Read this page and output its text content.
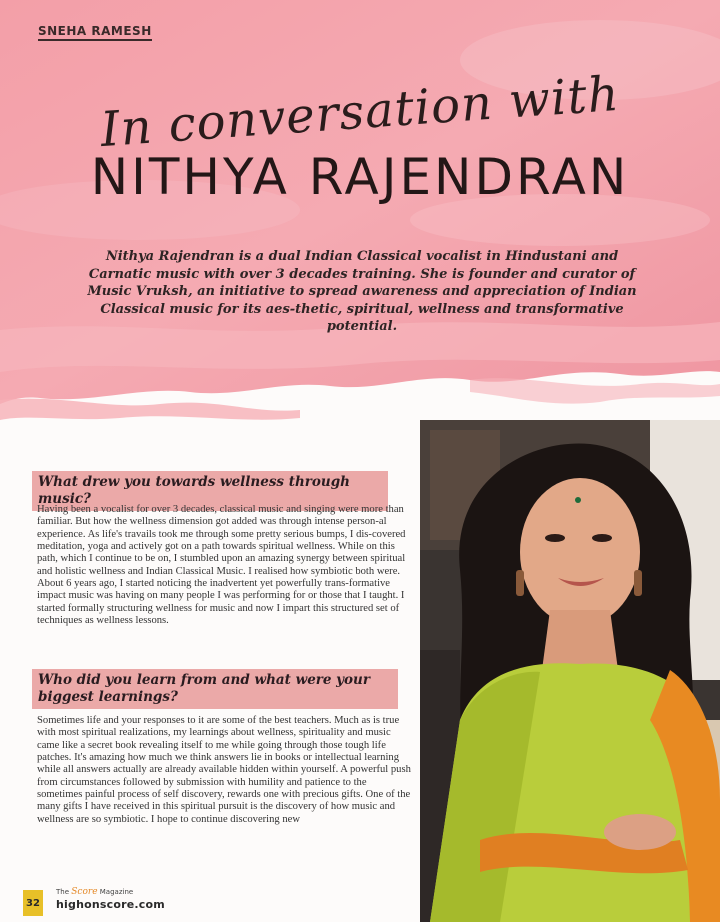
SNEHA RAMESH
In conversation with
NITHYA RAJENDRAN
Nithya Rajendran is a dual Indian Classical vocalist in Hindustani and Carnatic music with over 3 decades training. She is founder and curator of Music Vruksh, an initiative to spread awareness and appreciation of Indian Classical music for its aes-thetic, spiritual, wellness and transformative potential.
What drew you towards wellness through music?

Having been a vocalist for over 3 decades, classical music and singing were more than familiar. But how the wellness dimension got added was through intense person-al experience. As life's travails took me through some pretty serious bumps, I dis-covered meditation, yoga and actively got on a path towards spiritual wellness. While on this path, which I continue to be on, I stumbled upon an amazing synergy between spiritual and holistic wellness and Indian Classical Music. I realised how symbiotic both were. About 6 years ago, I started noticing the inadvertent yet powerfully trans-formative impact music was having on many people I was performing for or those that I taught. I started formally structuring wellness for music and now I impart this structured set of techniques as wellness lessons.

Who did you learn from and what were your biggest learnings?

Sometimes life and your responses to it are some of the best teachers. Much as is true with most spiritual realizations, my learnings about wellness, spirituality and music came like a secret book revealing itself to me while going through those tough life patches. It's amazing how much we think answers lie in books or intellectual learning while all answers actually are already available hidden within yourself. A powerful push from circumstances followed by submission with humility and patience to the sometimes painful process of self discovery, rewards one with precious gifts. One of the many gifts I have received in this spiritual pursuit is the discovery of how music and wellness are so symbiotic. I hope to continue discovering new

32
The Score Magazine
highonscore.com
